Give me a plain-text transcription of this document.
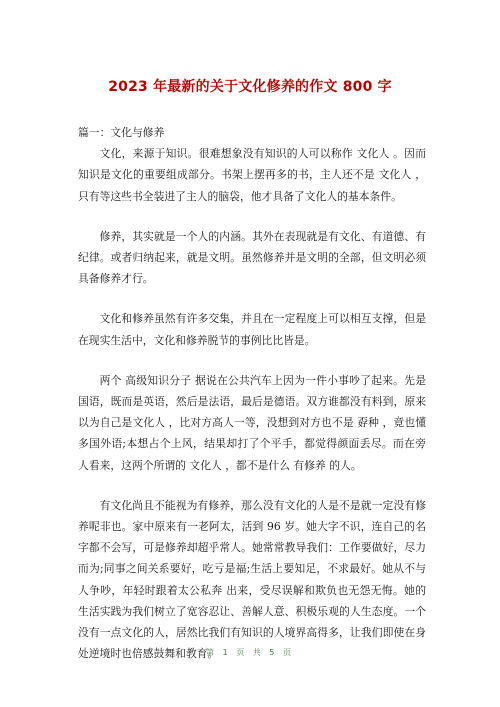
2023 年最新的关于文化修养的作文 800 字
篇一：文化与修养

文化，来源于知识。很难想象没有知识的人可以称作 文化人 。因而知识是文化的重要组成部分。书架上摆再多的书，主人还不是 文化人 ，只有等这些书全装进了主人的脑袋，他才具备了文化人的基本条件。

修养，其实就是一个人的内涵。其外在表现就是有文化、有道德、有纪律。或者归纳起来，就是文明。虽然修养并是文明的全部，但文明必须具备修养才行。

文化和修养虽然有许多交集，并且在一定程度上可以相互支撑，但是在现实生活中，文化和修养脱节的事例比比皆是。

两个 高级知识分子 据说在公共汽车上因为一件小事吵了起来。先是国语，既而是英语，然后是法语，最后是德语。双方谁都没有料到，原来以为自己是文化人 ，比对方高人一等，没想到对方也不是 孬种 ，竟也懂多国外语;本想占个上风，结果却打了个平手，都觉得颜面丢尽。而在旁人看来，这两个所谓的 文化人 ，都不是什么 有修养 的人。

有文化尚且不能视为有修养，那么没有文化的人是不是就一定没有修养呢非也。家中原来有一老阿太，活到 96 岁。她大字不识，连自己的名字都不会写，可是修养却超乎常人。她常常教导我们：工作要做好，尽力而为;同事之间关系要好，吃亏是福;生活上要知足，不求最好。她从不与人争吵，年轻时跟着太公私奔 出来，受尽误解和欺负也无怨无悔。她的生活实践为我们树立了宽容忍让、善解人意、积极乐观的人生态度。一个没有一点文化的人，居然比我们有知识的人境界高得多，让我们即使在身处逆境时也倍感鼓舞和教育。

第 1 页 共 5 页
